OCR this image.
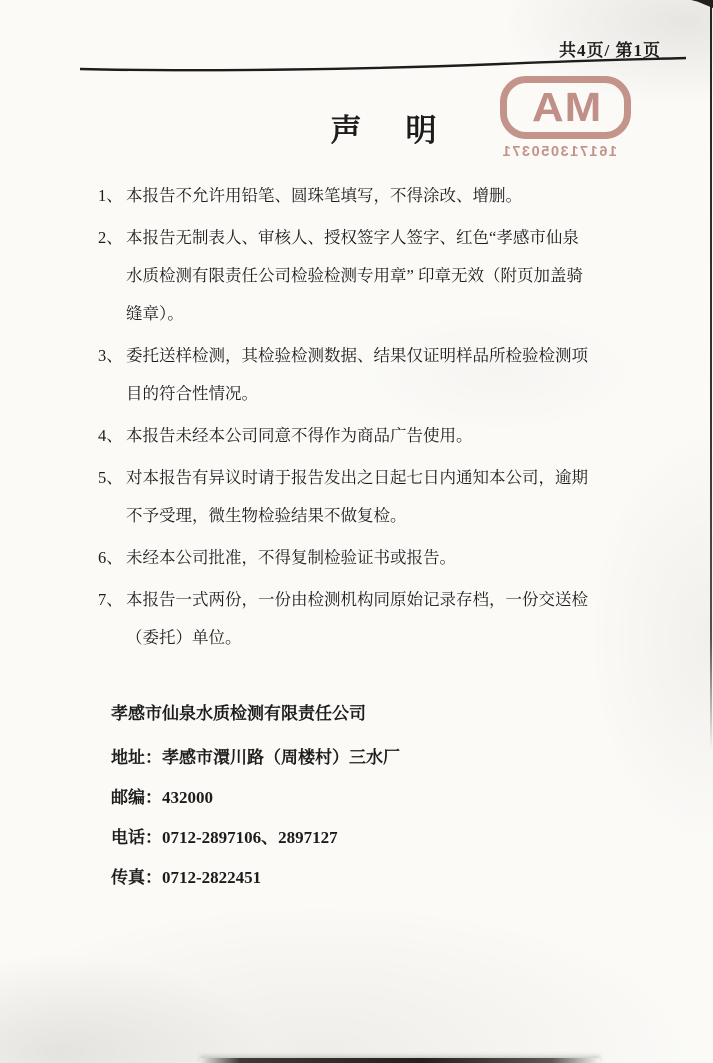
共4页/ 第1页
MA
161713050371
声明
1、 本报告不允许用铅笔、圆珠笔填写，不得涂改、增删。
2、 本报告无制表人、审核人、授权签字人签字、红色“孝感市仙泉
水质检测有限责任公司检验检测专用章” 印章无效（附页加盖骑
缝章）。
3、 委托送样检测，其检验检测数据、结果仅证明样品所检验检测项
目的符合性情况。
4、 本报告未经本公司同意不得作为商品广告使用。
5、 对本报告有异议时请于报告发出之日起七日内通知本公司，逾期
不予受理，微生物检验结果不做复检。
6、 未经本公司批准，不得复制检验证书或报告。
7、 本报告一式两份，一份由检测机构同原始记录存档，一份交送检
（委托）单位。
孝感市仙泉水质检测有限责任公司
地址：孝感市澴川路（周楼村）三水厂
邮编：432000
电话：0712-2897106、2897127
传真：0712-2822451
